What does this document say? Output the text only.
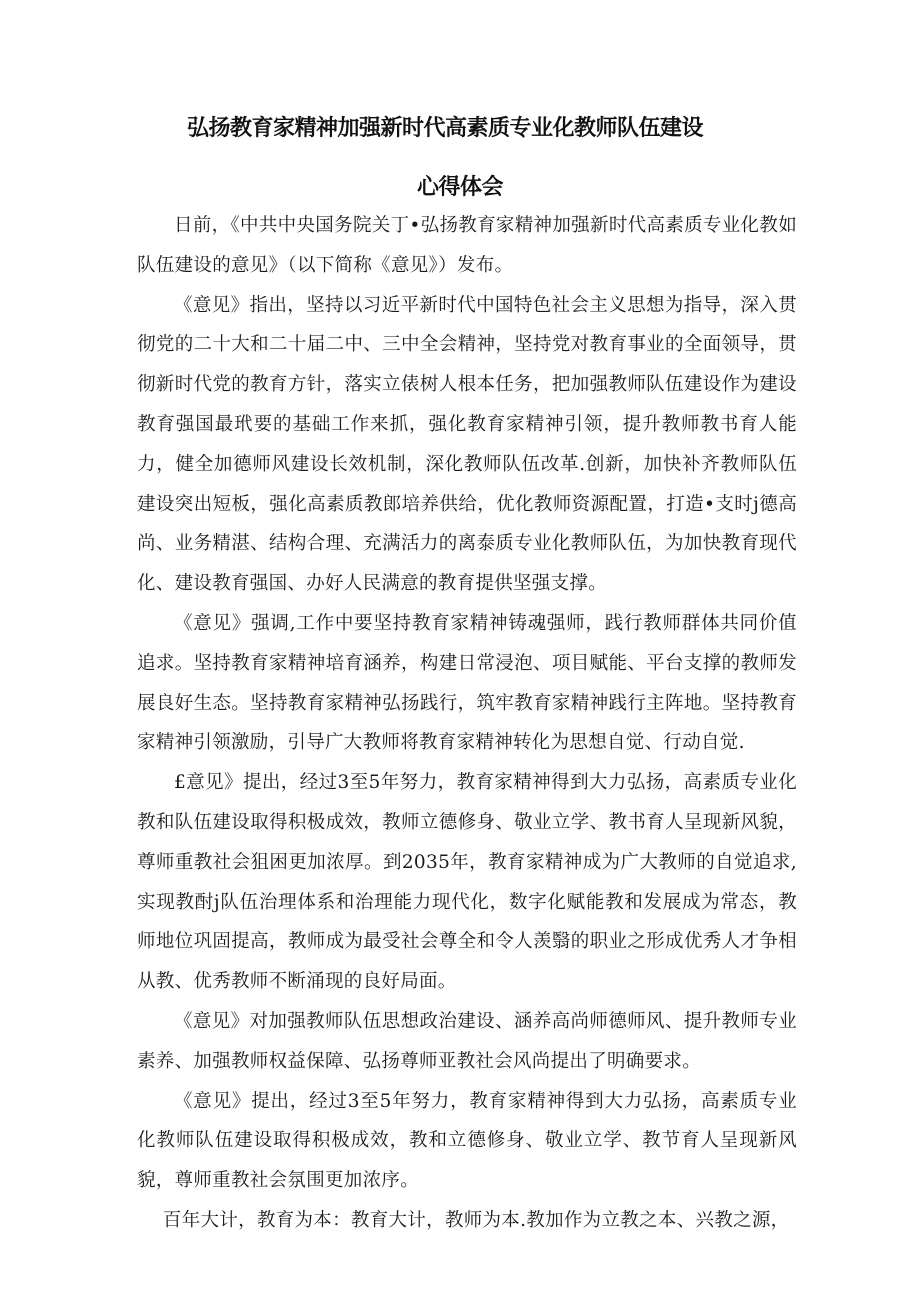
弘扬教育家精神加强新时代高素质专业化教师队伍建设
心得体会

日前，《中共中央国务院关丁•弘扬教育家精神加强新时代高素质专业化教如队伍建设的意见》（以下简称《意见》）发布。

《意见》指出，坚持以习近平新时代中国特色社会主义思想为指导，深入贯彻党的二十大和二十届二中、三中全会精神，坚持党对教育事业的全面领导，贯彻新时代党的教育方针，落实立俵树人根本任务，把加强教师队伍建设作为建设教育强国最玳要的基础工作来抓，强化教育家精神引领，提升教师教书育人能力，健全加德师风建设长效机制，深化教师队伍改革.创新，加快补齐教师队伍建设突出短板，强化高素质教郎培养供给，优化教师资源配置，打造•支时j德高尚、业务精湛、结构合理、充满活力的离泰质专业化教师队伍，为加快教育现代化、建设教育强国、办好人民满意的教育提供坚强支撑。

《意见》强调,工作中要坚持教育家精神铸魂强师，践行教师群体共同价值追求。坚持教育家精神培育涵养，构建日常浸泡、项目赋能、平台支撑的教师发展良好生态。坚持教育家精神弘扬践行，筑牢教育家精神践行主阵地。坚持教育家精神引领激励，引导广大教师将教育家精神转化为思想自觉、行动自觉.

£意见》提出，经过3至5年努力，教育家精神得到大力弘扬，高素质专业化教和队伍建设取得积极成效，教师立德修身、敬业立学、教书育人呈现新风貌，尊师重教社会狙困更加浓厚。到2035年，教育家精神成为广大教师的自觉追求,实现教酎j队伍治理体系和治理能力现代化，数字化赋能教和发展成为常态，教师地位巩固提高，教师成为最受社会尊全和令人羡翳的职业之形成优秀人才争相从教、优秀教师不断涌现的良好局面。

《意见》对加强教师队伍思想政治建设、涵养高尚师德师风、提升教师专业素养、加强教师权益保障、弘扬尊师亚教社会风尚提出了明确要求。

《意见》提出，经过3至5年努力，教育家精神得到大力弘扬，高素质专业化教师队伍建设取得积极成效，教和立德修身、敬业立学、教节育人呈现新风貌，尊师重教社会氛围更加浓序。

百年大计，教育为本：教育大计，教师为本.教加作为立教之本、兴教之源，
